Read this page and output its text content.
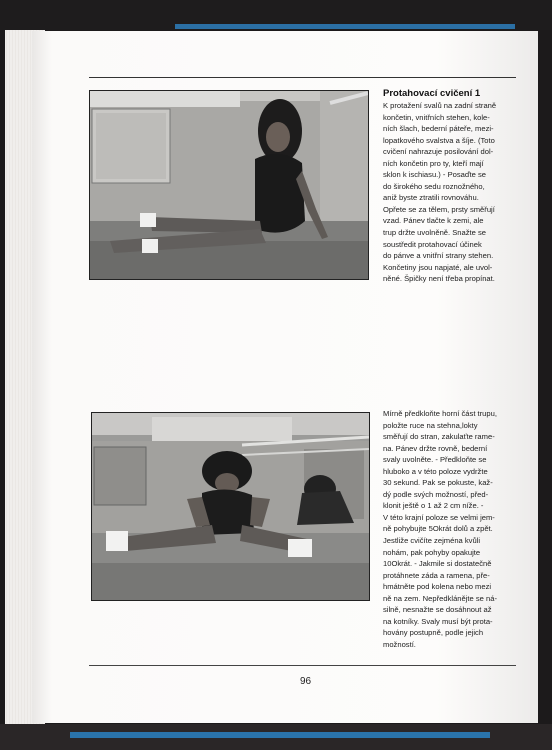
Protahovací cvičení 1
K protažení svalů na zadní straně
končetin, vnitřních stehen, kole-
ních šlach, bederní páteře, mezi-
lopatkového svalstva a šíje. (Toto
cvičení nahrazuje posilování dol-
ních končetin pro ty, kteří mají
sklon k ischiasu.) - Posaďte se
do širokého sedu roznožného,
aniž byste ztratili rovnováhu.
Opřete se za tělem, prsty směřují
vzad. Pánev tlačte k zemi, ale
trup držte uvolněně. Snažte se
soustředit protahovací účinek
do pánve a vnitřní strany stehen.
Končetiny jsou napjaté, ale uvol-
něné. Špičky není třeba propínat.
Mírně předkloňte horní část trupu,
položte ruce na stehna,lokty
směřují do stran, zakulaťte rame-
na. Pánev držte rovně, bederní
svaly uvolněte. - Předkloňte se
hluboko a v této poloze vydržte
30 sekund. Pak se pokuste, kaž-
dý podle svých možností, před-
klonit ještě o 1 až 2 cm níže. -
V této krajní poloze se velmi jem-
ně pohybujte 5Okrát dolů a zpět.
Jestliže cvičíte zejména kvůli
nohám, pak pohyby opakujte
10Okrát. - Jakmile si dostatečně
protáhnete záda a ramena, pře-
hmátněte pod kolena nebo mezi
ně na zem. Nepředklánějte se ná-
silně, nesnažte se dosáhnout až
na kotníky. Svaly musí být prota-
hovány postupně, podle jejich
možností.
96
